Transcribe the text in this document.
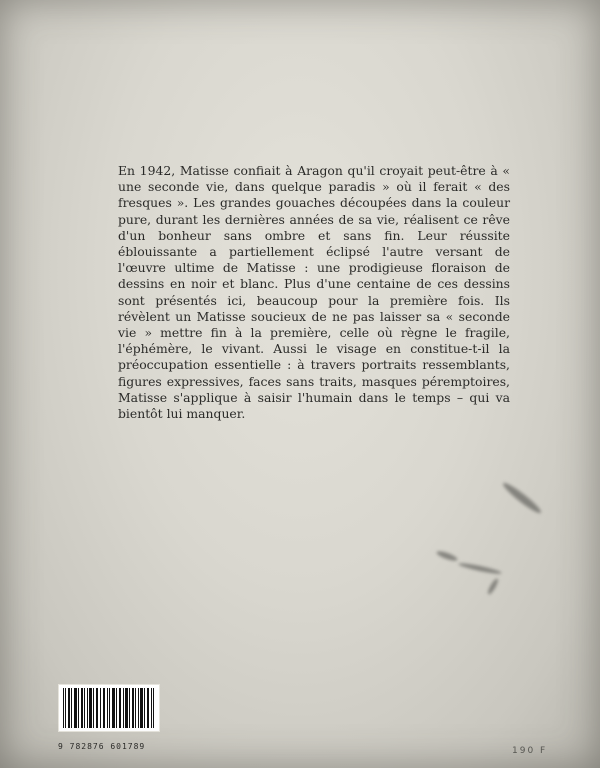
En 1942, Matisse confiait à Aragon qu'il croyait peut-être à « une seconde vie, dans quelque paradis » où il ferait « des fresques ». Les grandes gouaches découpées dans la couleur pure, durant les dernières années de sa vie, réalisent ce rêve d'un bonheur sans ombre et sans fin. Leur réussite éblouissante a partiellement éclipsé l'autre versant de l'œuvre ultime de Matisse : une prodigieuse floraison de dessins en noir et blanc. Plus d'une centaine de ces dessins sont présentés ici, beaucoup pour la première fois. Ils révèlent un Matisse soucieux de ne pas laisser sa « seconde vie » mettre fin à la première, celle où règne le fragile, l'éphémère, le vivant. Aussi le visage en constitue-t-il la préoccupation essentielle : à travers portraits ressemblants, figures expressives, faces sans traits, masques péremptoires, Matisse s'applique à saisir l'humain dans le temps – qui va bientôt lui manquer.

9 782876 601789	190 F
